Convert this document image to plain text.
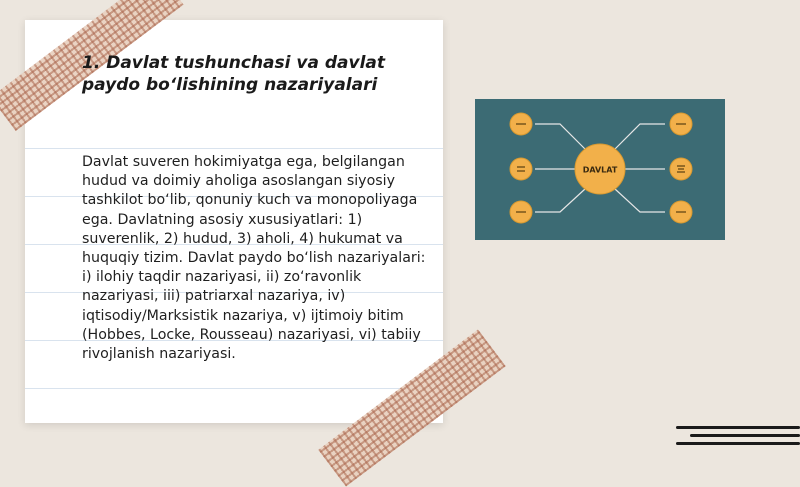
1. Davlat tushunchasi va davlat paydo bo‘lishining nazariyalari

Davlat suveren hokimiyatga ega, belgilangan hudud va doimiy aholiga asoslangan siyosiy tashkilot bo‘lib, qonuniy kuch va monopoliyaga ega. Davlatning asosiy xususiyatlari: 1) suverenlik, 2) hudud, 3) aholi, 4) hukumat va huquqiy tizim. Davlat paydo bo‘lish nazariyalari: i) ilohiy taqdir nazariyasi, ii) zo‘ravonlik nazariyasi, iii) patriarxal nazariya, iv) iqtisodiy/Marksistik nazariya, v) ijtimoiy bitim (Hobbes, Locke, Rousseau) nazariyasi, vi) tabiiy rivojlanish nazariyasi.

DAVLAT
